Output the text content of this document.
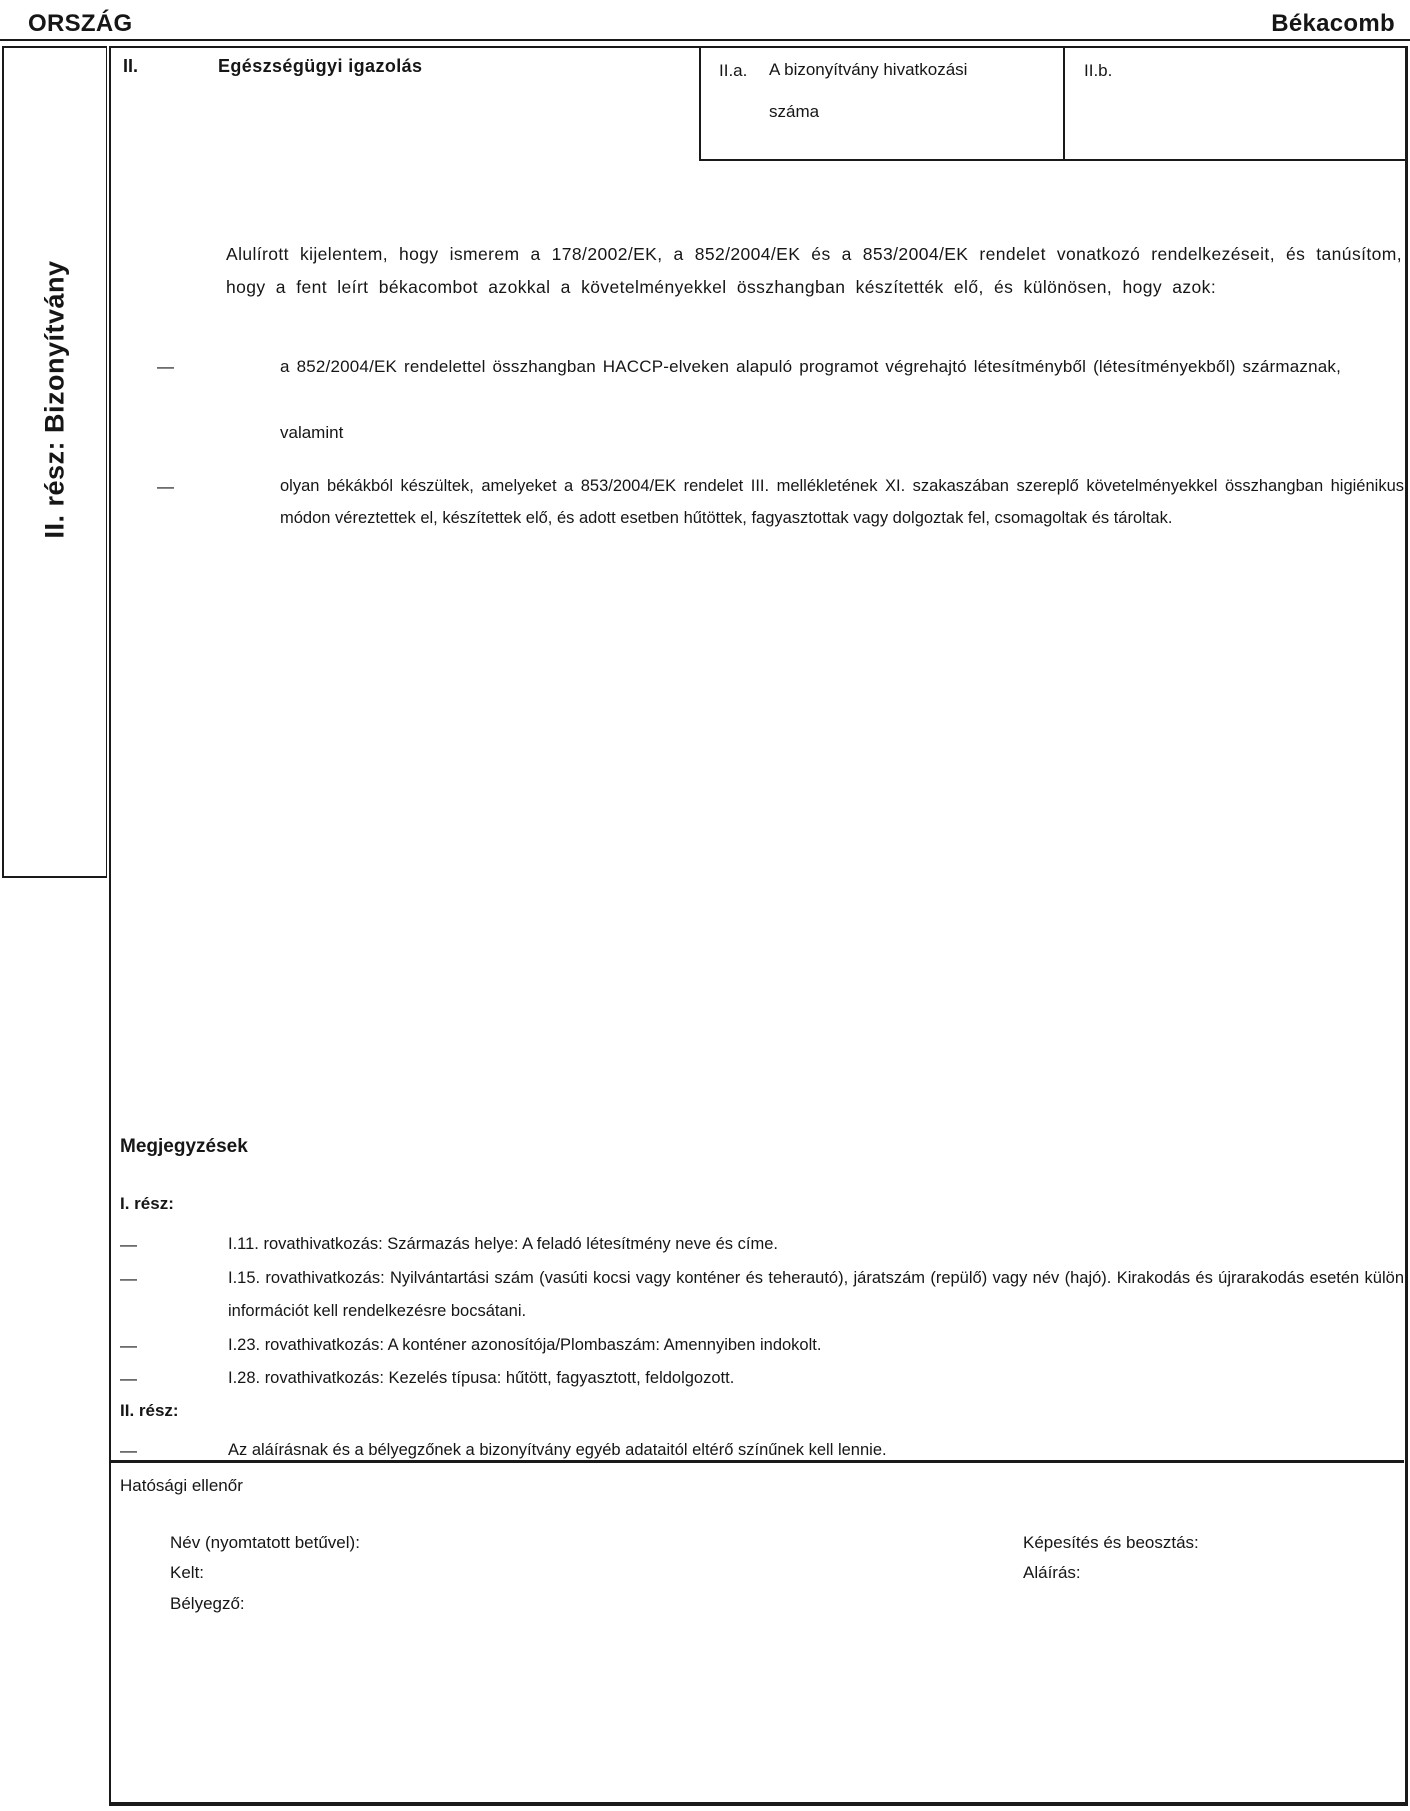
ORSZÁG	Békacomb
II. rész: Bizonyítvány
II.	Egészségügyi igazolás	II.a. A bizonyítvány hivatkozási száma
II.b.
Alulírott kijelentem, hogy ismerem a 178/2002/EK, a 852/2004/EK és a 853/2004/EK rendelet vonatkozó rendelkezéseit, és tanúsítom, hogy a fent leírt békacombot azokkal a követelményekkel összhangban készítették elő, és különösen, hogy azok:
—	a 852/2004/EK rendelettel összhangban HACCP-elveken alapuló programot végrehajtó létesítményből (létesítményekből) származnak,
valamint
—	olyan békákból készültek, amelyeket a 853/2004/EK rendelet III. mellékletének XI. szakaszában szereplő követelményekkel összhangban higiénikus módon véreztettek el, készítettek elő, és adott esetben hűtöttek, fagyasztottak vagy dolgoztak fel, csomagoltak és tároltak.
Megjegyzések
I. rész:
—	I.11. rovathivatkozás: Származás helye: A feladó létesítmény neve és címe.
—	I.15. rovathivatkozás: Nyilvántartási szám (vasúti kocsi vagy konténer és teherautó), járatszám (repülő) vagy név (hajó). Kirakodás és újrarakodás esetén külön információt kell rendelkezésre bocsátani.
—	I.23. rovathivatkozás: A konténer azonosítója/Plombaszám: Amennyiben indokolt.
—	I.28. rovathivatkozás: Kezelés típusa: hűtött, fagyasztott, feldolgozott.
II. rész:
—	Az aláírásnak és a bélyegzőnek a bizonyítvány egyéb adataitól eltérő színűnek kell lennie.
Hatósági ellenőr
Név (nyomtatott betűvel):	Képesítés és beosztás:
Kelt:	Aláírás:
Bélyegző:
